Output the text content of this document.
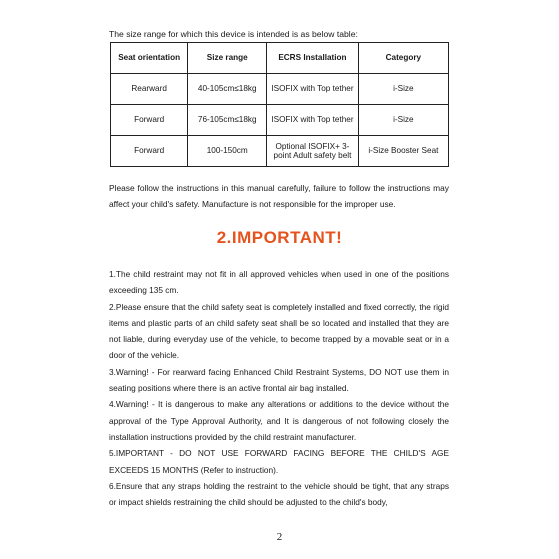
The size range for which this device is intended is as below table:
Seat orientation	Size range	ECRS Installation	Category
Rearward	40-105cm≤18kg	ISOFIX with Top tether	i-Size
Forward	76-105cm≤18kg	ISOFIX with Top tether	i-Size
Forward	100-150cm	Optional ISOFIX+ 3-point Adult safety belt	i-Size Booster Seat
Please follow the instructions in this manual carefully, failure to follow the instructions may affect your child's safety. Manufacture is not responsible for the improper use.
2.IMPORTANT!

1.The child restraint may not fit in all approved vehicles when used in one of the positions exceeding 135 cm.

2.Please ensure that the child safety seat is completely installed and fixed correctly, the rigid items and plastic parts of an child safety seat shall be so located and installed that they are not liable, during everyday use of the vehicle, to become trapped by a movable seat or in a door of the vehicle.

3.Warning! - For rearward facing Enhanced Child Restraint Systems, DO NOT use them in seating positions where there is an active frontal air bag installed.

4.Warning! - It is dangerous to make any alterations or additions to the device without the approval of the Type Approval Authority, and It is dangerous of not following closely the installation instructions provided by the child restraint manufacturer.

5.IMPORTANT - DO NOT USE FORWARD FACING BEFORE THE CHILD'S AGE EXCEEDS 15 MONTHS (Refer to instruction).

6.Ensure that any straps holding the restraint to the vehicle should be tight, that any straps or impact shields restraining the child should be adjusted to the child's body,

2
